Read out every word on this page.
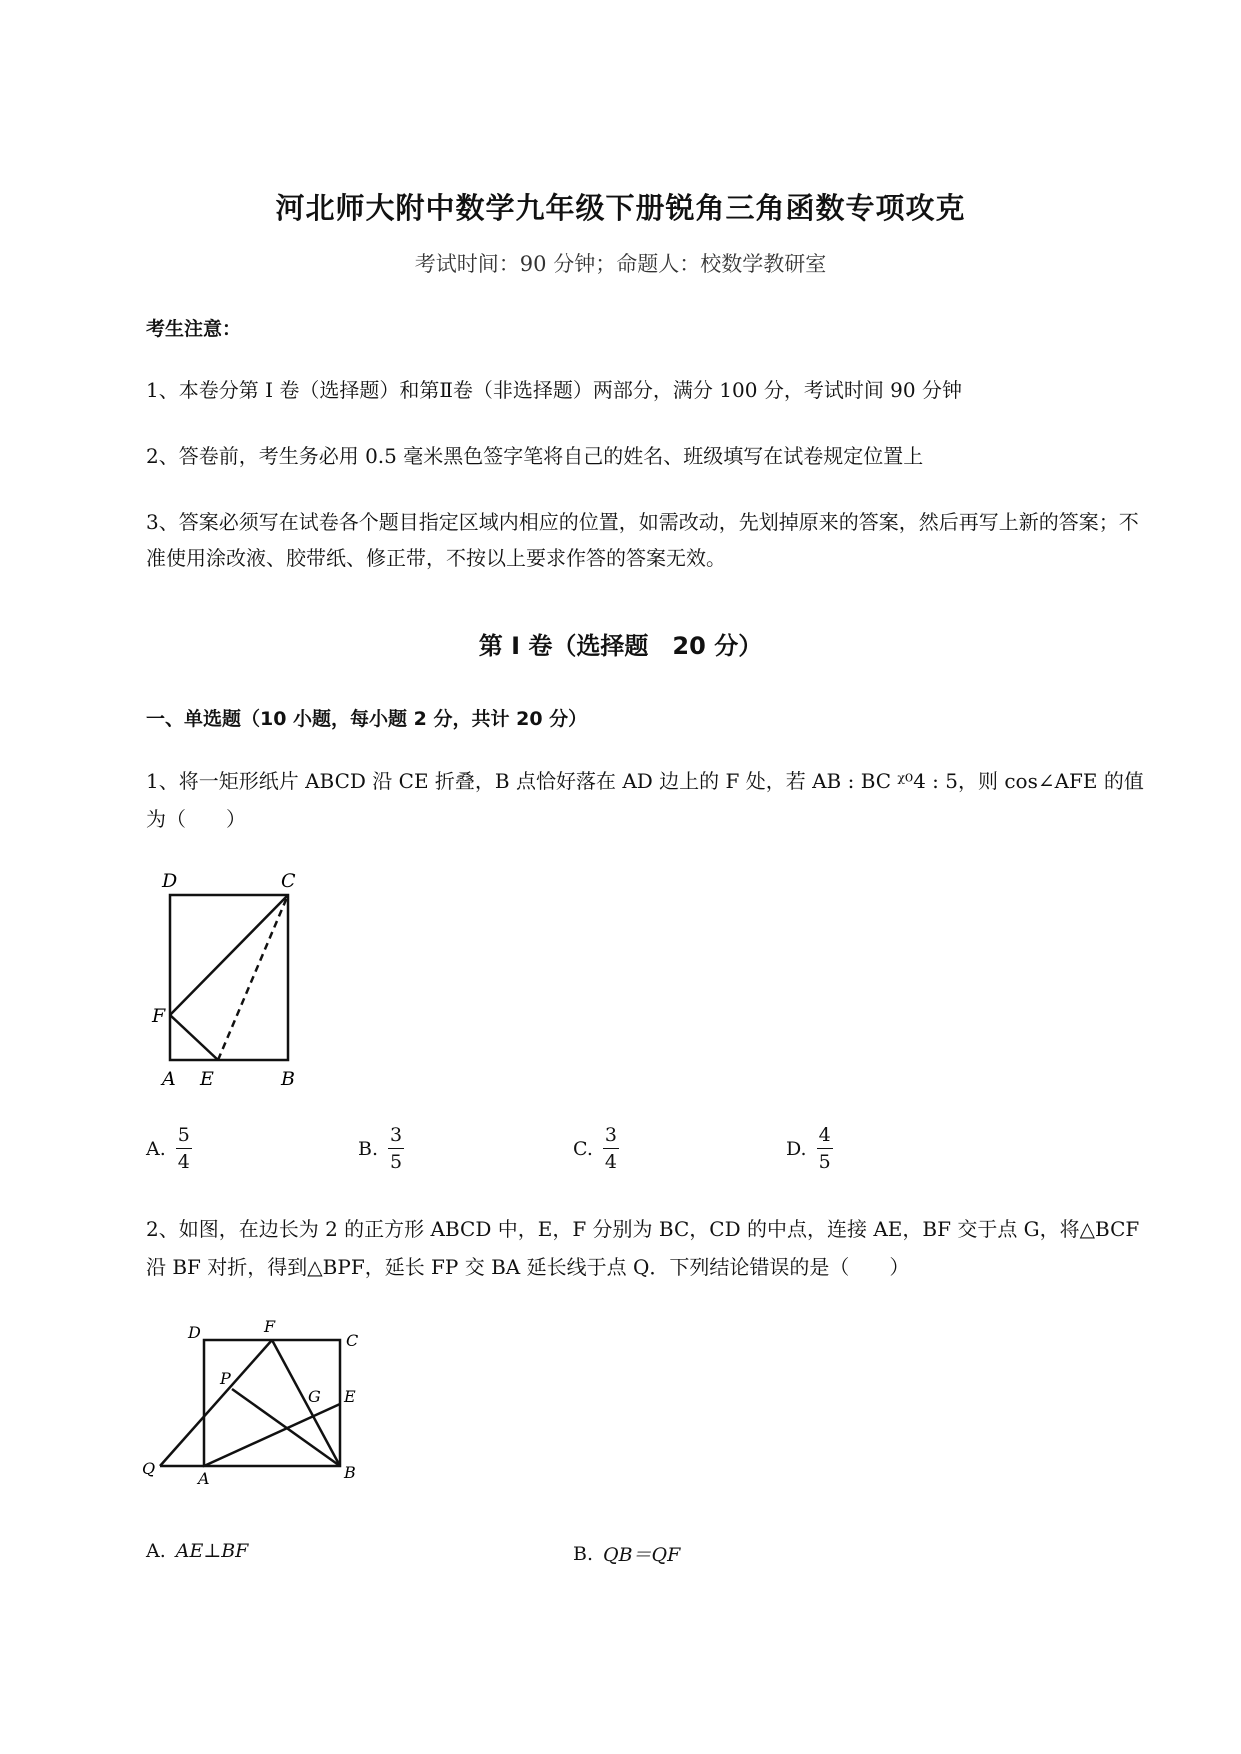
河北师大附中数学九年级下册锐角三角函数专项攻克
考试时间：90 分钟；命题人：校数学教研室
考生注意：
1、本卷分第 I 卷（选择题）和第Ⅱ卷（非选择题）两部分，满分 100 分，考试时间 90 分钟
2、答卷前，考生务必用 0.5 毫米黑色签字笔将自己的姓名、班级填写在试卷规定位置上
3、答案必须写在试卷各个题目指定区域内相应的位置，如需改动，先划掉原来的答案，然后再写上新的答案；不准使用涂改液、胶带纸、修正带，不按以上要求作答的答案无效。
第 I 卷（选择题　20 分）
一、单选题（10 小题，每小题 2 分，共计 20 分）
1、将一矩形纸片 ABCD 沿 CE 折叠，B 点恰好落在 AD 边上的 F 处，若 AB : BC ᵡ⁰4 : 5，则 cos∠AFE 的值为（　　）
D	C
F
A E	B
A. $\frac{5}{4}$	B. $\frac{3}{5}$	C. $\frac{3}{4}$	D. $\frac{4}{5}$
2、如图，在边长为 2 的正方形 ABCD 中，E，F 分别为 BC，CD 的中点，连接 AE，BF 交于点 G，将△BCF 沿 BF 对折，得到△BPF，延长 FP 交 BA 延长线于点 Q．下列结论错误的是（　　）
D	F
C
P
G E
Q
A	B
A. AE⊥BF	B. QB＝QF
